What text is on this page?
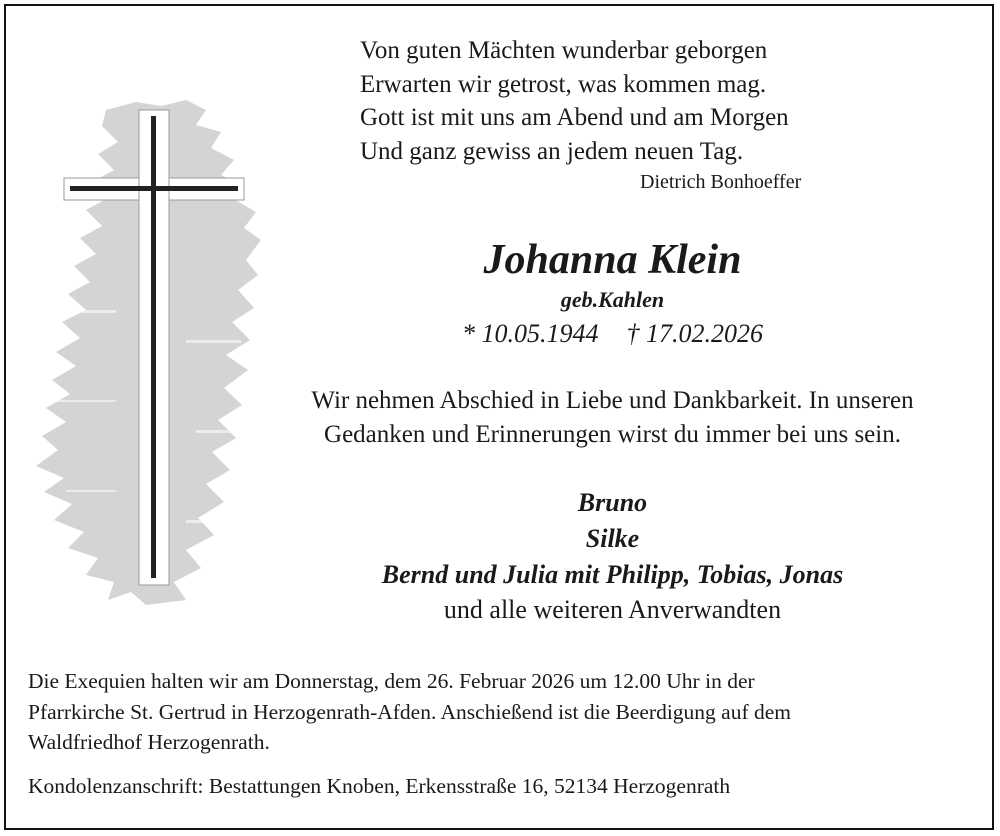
Von guten Mächten wunderbar geborgen
Erwarten wir getrost, was kommen mag.
Gott ist mit uns am Abend und am Morgen
Und ganz gewiss an jedem neuen Tag.
Dietrich Bonhoeffer
Johanna Klein
geb.Kahlen
* 10.05.1944 † 17.02.2026
Wir nehmen Abschied in Liebe und Dankbarkeit. In unseren
Gedanken und Erinnerungen wirst du immer bei uns sein.
Bruno
Silke
Bernd und Julia mit Philipp, Tobias, Jonas
und alle weiteren Anverwandten
Die Exequien halten wir am Donnerstag, dem 26. Februar 2026 um 12.00 Uhr in der
Pfarrkirche St. Gertrud in Herzogenrath-Afden. Anschießend ist die Beerdigung auf dem
Waldfriedhof Herzogenrath.
Kondolenzanschrift: Bestattungen Knoben, Erkensstraße 16, 52134 Herzogenrath
